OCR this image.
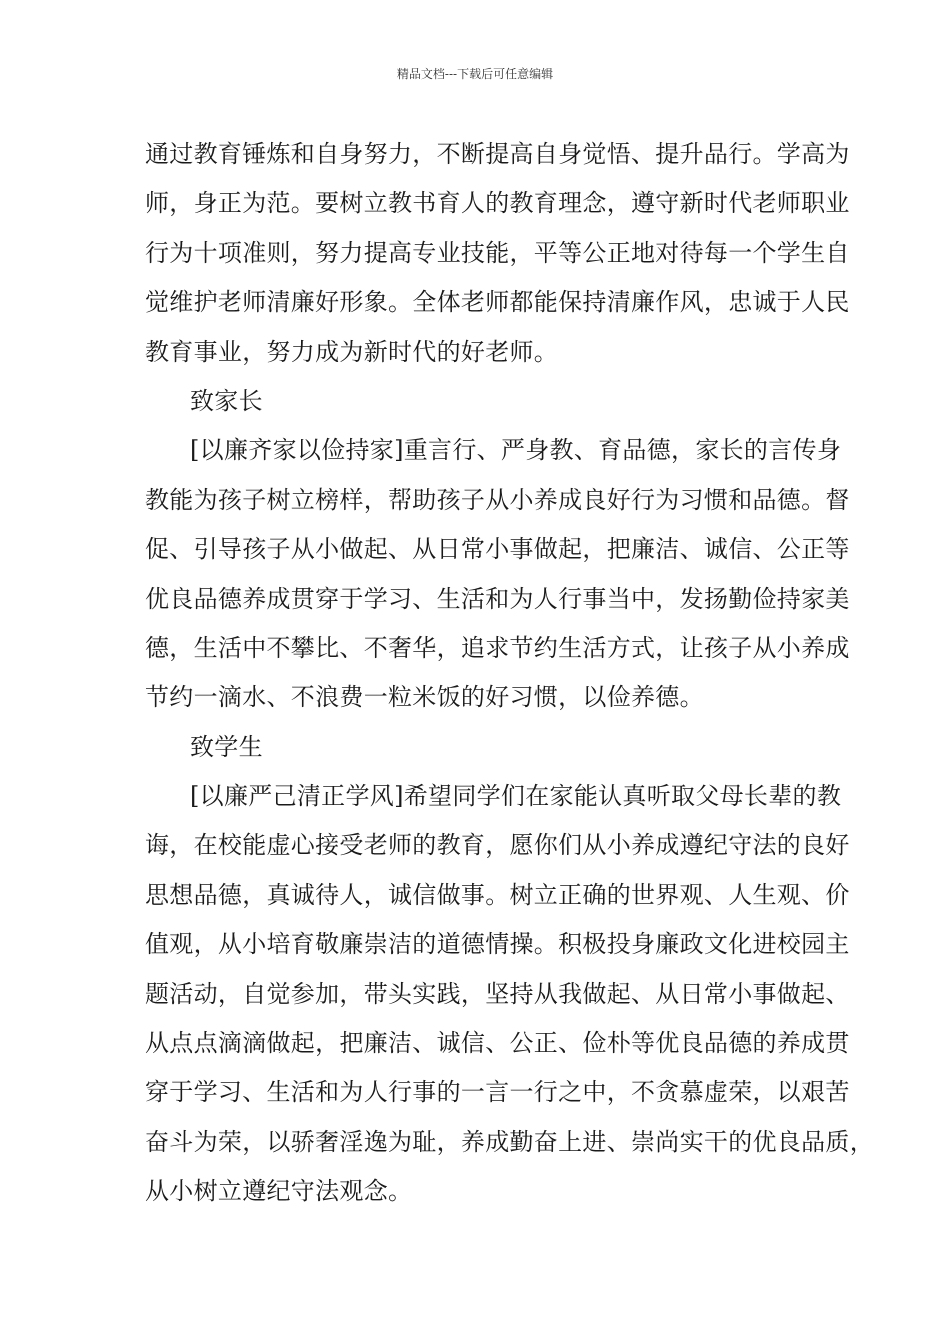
精品文档---下载后可任意编辑
通过教育锤炼和自身努力，不断提高自身觉悟、提升品行。学高为
师，身正为范。要树立教书育人的教育理念，遵守新时代老师职业
行为十项准则，努力提高专业技能，平等公正地对待每一个学生自
觉维护老师清廉好形象。全体老师都能保持清廉作风，忠诚于人民
教育事业，努力成为新时代的好老师。
致家长
[以廉齐家以俭持家]重言行、严身教、育品德，家长的言传身
教能为孩子树立榜样，帮助孩子从小养成良好行为习惯和品德。督
促、引导孩子从小做起、从日常小事做起，把廉洁、诚信、公正等
优良品德养成贯穿于学习、生活和为人行事当中，发扬勤俭持家美
德，生活中不攀比、不奢华，追求节约生活方式，让孩子从小养成
节约一滴水、不浪费一粒米饭的好习惯，以俭养德。
致学生
[以廉严己清正学风]希望同学们在家能认真听取父母长辈的教
诲，在校能虚心接受老师的教育，愿你们从小养成遵纪守法的良好
思想品德，真诚待人，诚信做事。树立正确的世界观、人生观、价
值观，从小培育敬廉崇洁的道德情操。积极投身廉政文化进校园主
题活动，自觉参加，带头实践，坚持从我做起、从日常小事做起、
从点点滴滴做起，把廉洁、诚信、公正、俭朴等优良品德的养成贯
穿于学习、生活和为人行事的一言一行之中，不贪慕虚荣，以艰苦
奋斗为荣，以骄奢淫逸为耻，养成勤奋上进、崇尚实干的优良品质，
从小树立遵纪守法观念。
